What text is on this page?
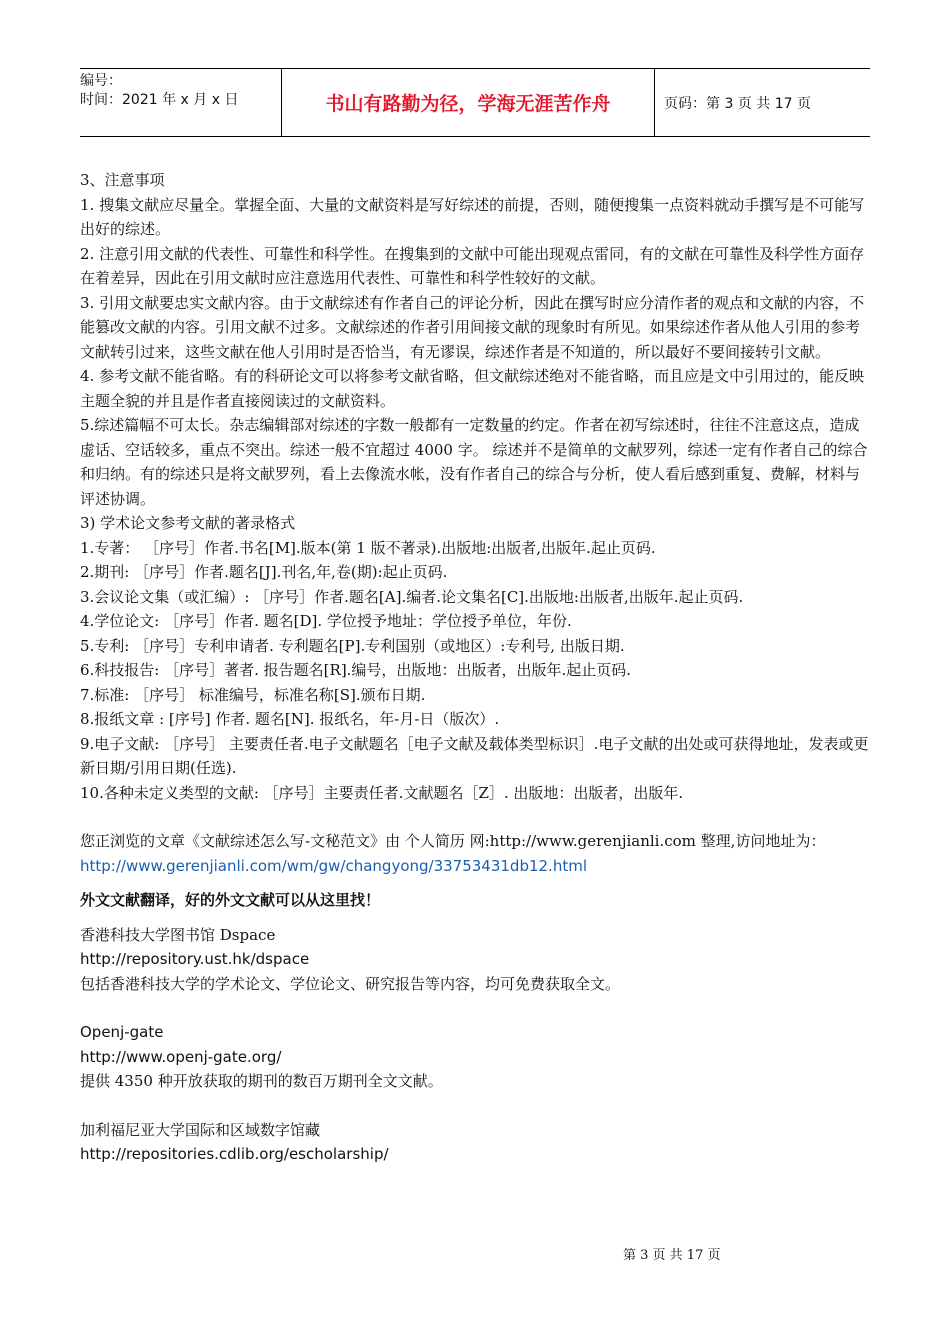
编号：
时间：2021 年 x 月 x 日	书山有路勤为径，学海无涯苦作舟	页码：第 3 页 共 17 页

3、注意事项

1. 搜集文献应尽量全。掌握全面、大量的文献资料是写好综述的前提，否则，随便搜集一点资料就动手撰写是不可能写出好的综述。

2. 注意引用文献的代表性、可靠性和科学性。在搜集到的文献中可能出现观点雷同，有的文献在可靠性及科学性方面存在着差异，因此在引用文献时应注意选用代表性、可靠性和科学性较好的文献。

3. 引用文献要忠实文献内容。由于文献综述有作者自己的评论分析，因此在撰写时应分清作者的观点和文献的内容，不能篡改文献的内容。引用文献不过多。文献综述的作者引用间接文献的现象时有所见。如果综述作者从他人引用的参考文献转引过来，这些文献在他人引用时是否恰当，有无谬误，综述作者是不知道的，所以最好不要间接转引文献。

4. 参考文献不能省略。有的科研论文可以将参考文献省略，但文献综述绝对不能省略，而且应是文中引用过的，能反映主题全貌的并且是作者直接阅读过的文献资料。

5.综述篇幅不可太长。杂志编辑部对综述的字数一般都有一定数量的约定。作者在初写综述时，往往不注意这点，造成虚话、空话较多，重点不突出。综述一般不宜超过 4000 字。 综述并不是简单的文献罗列，综述一定有作者自己的综合和归纳。有的综述只是将文献罗列，看上去像流水帐，没有作者自己的综合与分析，使人看后感到重复、费解，材料与评述协调。

3) 学术论文参考文献的著录格式

1.专著： ［序号］作者.书名[M].版本(第 1 版不著录).出版地:出版者,出版年.起止页码.

2.期刊: ［序号］作者.题名[J].刊名,年,卷(期):起止页码.

3.会议论文集（或汇编）: ［序号］作者.题名[A].编者.论文集名[C].出版地:出版者,出版年.起止页码.

4.学位论文: ［序号］作者. 题名[D]. 学位授予地址：学位授予单位，年份.

5.专利: ［序号］专利申请者. 专利题名[P].专利国别（或地区）:专利号, 出版日期.

6.科技报告: ［序号］著者. 报告题名[R].编号，出版地：出版者，出版年.起止页码.

7.标准: ［序号］ 标准编号，标准名称[S].颁布日期.

8.报纸文章 : [序号] 作者. 题名[N]. 报纸名，年-月-日（版次）.

9.电子文献: ［序号］ 主要责任者.电子文献题名［电子文献及载体类型标识］.电子文献的出处或可获得地址，发表或更新日期/引用日期(任选).

10.各种未定义类型的文献: ［序号］主要责任者.文献题名［Z］. 出版地：出版者，出版年.

您正浏览的文章《文献综述怎么写-文秘范文》由 个人简历 网:http://www.gerenjianli.com 整理,访问地址为：http://www.gerenjianli.com/wm/gw/changyong/33753431db12.html

外文文献翻译，好的外文文献可以从这里找！

香港科技大学图书馆 Dspace

http://repository.ust.hk/dspace

包括香港科技大学的学术论文、学位论文、研究报告等内容，均可免费获取全文。

Openj-gate

http://www.openj-gate.org/

提供 4350 种开放获取的期刊的数百万期刊全文文献。

加利福尼亚大学国际和区域数字馆藏

http://repositories.cdlib.org/escholarship/

第 3 页 共 17 页
